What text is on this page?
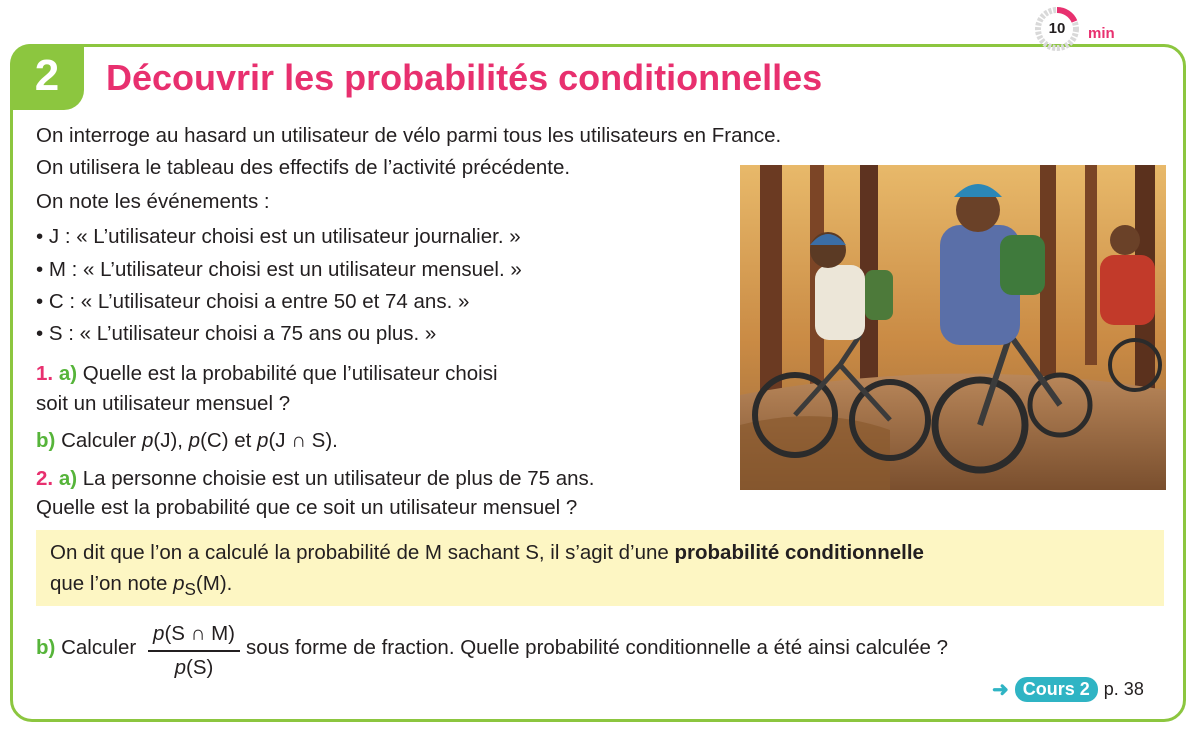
2	Découvrir les probabilités conditionnelles
10	min
On interroge au hasard un utilisateur de vélo parmi tous les utilisateurs en France.
On utilisera le tableau des effectifs de l’activité précédente.
On note les événements :
• J : « L’utilisateur choisi est un utilisateur journalier. »
• M : « L’utilisateur choisi est un utilisateur mensuel. »
• C : « L’utilisateur choisi a entre 50 et 74 ans. »
• S : « L’utilisateur choisi a 75 ans ou plus. »
1. a) Quelle est la probabilité que l’utilisateur choisi
soit un utilisateur mensuel ?
b) Calculer p(J), p(C) et p(J ∩ S).
2. a) La personne choisie est un utilisateur de plus de 75 ans.
Quelle est la probabilité que ce soit un utilisateur mensuel ?
On dit que l’on a calculé la probabilité de M sachant S, il s’agit d’une probabilité conditionnelle
que l’on note $p_S(M)$.
b) Calculer
p(S ∩ M)
p(S)
sous forme de fraction. Quelle probabilité conditionnelle a été ainsi calculée ?
➜ Cours 2 p. 38
